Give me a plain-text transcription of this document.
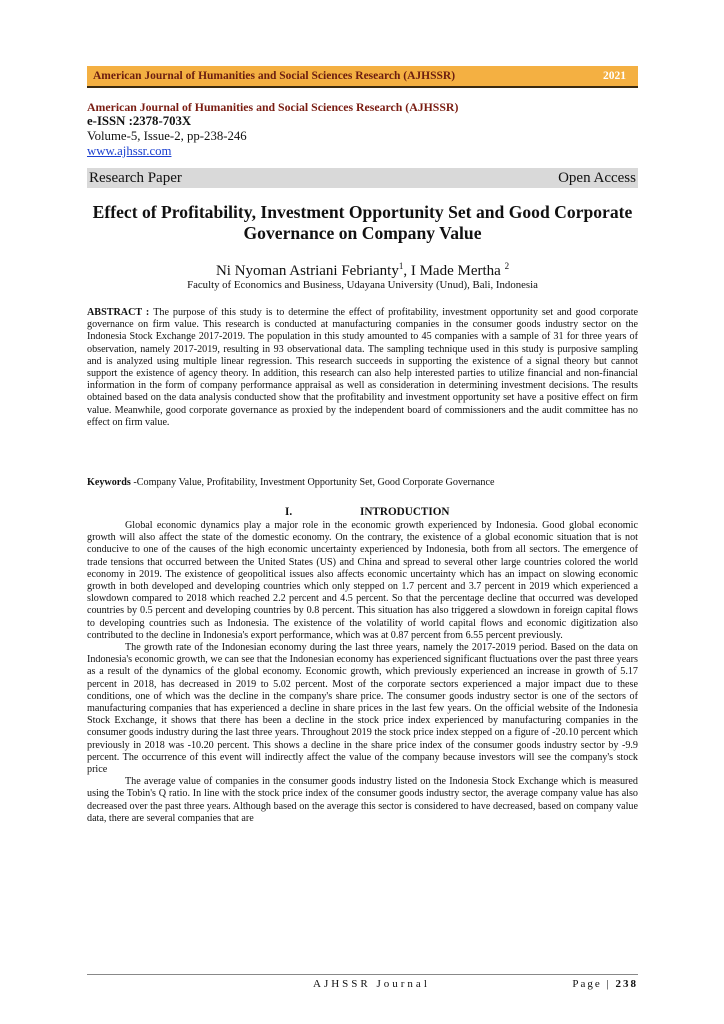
American Journal of Humanities and Social Sciences Research (AJHSSR)	2021
American Journal of Humanities and Social Sciences Research (AJHSSR)
e-ISSN :2378-703X
Volume-5, Issue-2, pp-238-246
www.ajhssr.com
Research Paper	Open Access
Effect of Profitability, Investment Opportunity Set and Good Corporate Governance on Company Value
Ni Nyoman Astriani Febrianty$^1$, I Made Mertha $^2$
Faculty of Economics and Business, Udayana University (Unud), Bali, Indonesia
ABSTRACT : The purpose of this study is to determine the effect of profitability, investment opportunity set and good corporate governance on firm value. This research is conducted at manufacturing companies in the consumer goods industry sector on the Indonesia Stock Exchange 2017-2019. The population in this study amounted to 45 companies with a sample of 31 for three years of observation, namely 2017-2019, resulting in 93 observational data. The sampling technique used in this study is purposive sampling and is analyzed using multiple linear regression. This research succeeds in supporting the existence of a signal theory but cannot support the existence of agency theory. In addition, this research can also help interested parties to utilize financial and non-financial information in the form of company performance appraisal as well as consideration in determining investment decisions. The results obtained based on the data analysis conducted show that the profitability and investment opportunity set have a positive effect on firm value. Meanwhile, good corporate governance as proxied by the independent board of commissioners and the audit committee has no effect on firm value.
Keywords -Company Value, Profitability, Investment Opportunity Set, Good Corporate Governance
I.	INTRODUCTION

Global economic dynamics play a major role in the economic growth experienced by Indonesia. Good global economic growth will also affect the state of the domestic economy. On the contrary, the existence of a global economic situation that is not conducive to one of the causes of the high economic uncertainty experienced by Indonesia, both from all sectors. The emergence of trade tensions that occurred between the United States (US) and China and spread to several other large countries colored the world economy in 2019. The existence of geopolitical issues also affects economic uncertainty which has an impact on slowing economic growth in both developed and developing countries which only stepped on 1.7 percent and 3.7 percent in 2019 which experienced a slowdown compared to 2018 which reached 2.2 percent and 4.5 percent. So that the percentage decline that occurred was developed countries by 0.5 percent and developing countries by 0.8 percent. This situation has also triggered a slowdown in foreign capital flows to developing countries such as Indonesia. The existence of the volatility of world capital flows and economic digitization also contributed to the decline in Indonesia's export performance, which was at 0.87 percent from 6.55 percent previously.

The growth rate of the Indonesian economy during the last three years, namely the 2017-2019 period. Based on the data on Indonesia's economic growth, we can see that the Indonesian economy has experienced significant fluctuations over the past three years as a result of the dynamics of the global economy. Economic growth, which previously experienced an increase in growth of 5.17 percent in 2018, has decreased in 2019 to 5.02 percent. Most of the corporate sectors experienced a major impact due to these conditions, one of which was the decline in the company's share price. The consumer goods industry sector is one of the sectors of manufacturing companies that has experienced a decline in share prices in the last few years. On the official website of the Indonesia Stock Exchange, it shows that there has been a decline in the stock price index experienced by manufacturing companies in the consumer goods industry during the last three years. Throughout 2019 the stock price index stepped on a figure of -20.10 percent which previously in 2018 was -10.20 percent. This shows a decline in the share price index of the consumer goods industry sector by -9.9 percent. The occurrence of this event will indirectly affect the value of the company because investors will see the company's stock price

The average value of companies in the consumer goods industry listed on the Indonesia Stock Exchange which is measured using the Tobin's Q ratio. In line with the stock price index of the consumer goods industry sector, the average company value has also decreased over the past three years. Although based on the average this sector is considered to have decreased, based on company value data, there are several companies that are

AJHSSR Journal	Page | 238
